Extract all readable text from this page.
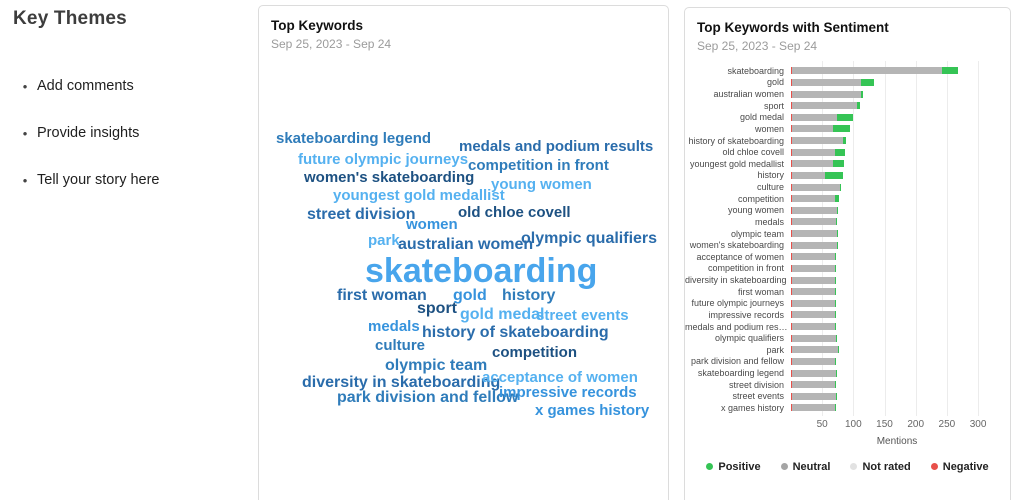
Key Themes
• Add comments
• Provide insights
• Tell your story here
Top Keywords
Sep 25, 2023 - Sep 24
skateboarding legend medals and podium results
future olympic journeys competition in front
women's skateboarding young women
youngest gold medallist
street division	old chloe covell
women
park
australian women
olympic qualifiers
skateboarding
first woman gold history
sport gold medal
street events
medals history of skateboarding
culture	competition
olympic team
diversity in skateboarding
acceptance of women
park division and fellow
impressive records
x games history
Top Keywords with Sentiment
Sep 25, 2023 - Sep 24
skateboarding
gold
australian women
sport
gold medal
women
history of skateboarding
old chloe covell
youngest gold medallist
history
culture
competition
young women
medals
olympic team
women's skateboarding
acceptance of women
competition in front
diversity in skateboarding
first woman
future olympic journeys
impressive records
medals and podium res…
olympic qualifiers
park
park division and fellow
skateboarding legend
street division
street events
x games history
50 100 150 200 250 300
Mentions
Positive	Neutral	Not rated	Negative
